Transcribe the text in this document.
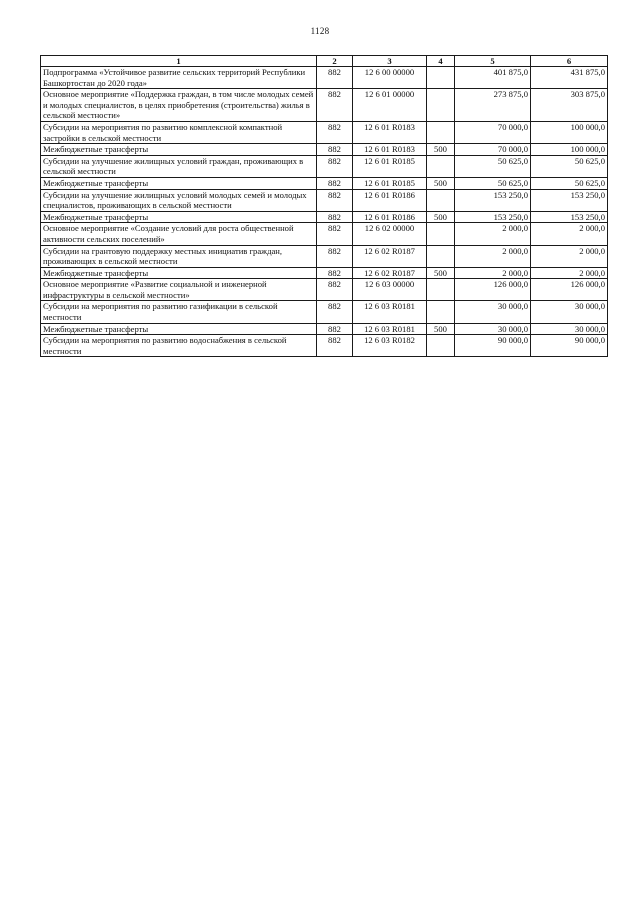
1128
1	2	3	4	5	6
Подпрограмма «Устойчивое развитие сельских территорий Республики Башкортостан до 2020 года»	882	12 6 00 00000		401 875,0	431 875,0
Основное мероприятие «Поддержка граждан, в том числе молодых семей и молодых специалистов, в целях приобретения (строительства) жилья в сельской местности»	882	12 6 01 00000		273 875,0	303 875,0
Субсидии на мероприятия по развитию комплексной компактной застройки в сельской местности	882	12 6 01 R0183		70 000,0	100 000,0
Межбюджетные трансферты	882	12 6 01 R0183	500	70 000,0	100 000,0
Субсидии на улучшение жилищных условий граждан, проживающих в сельской местности	882	12 6 01 R0185		50 625,0	50 625,0
Межбюджетные трансферты	882	12 6 01 R0185	500	50 625,0	50 625,0
Субсидии на улучшение жилищных условий молодых семей и молодых специалистов, проживающих в сельской местности	882	12 6 01 R0186		153 250,0	153 250,0
Межбюджетные трансферты	882	12 6 01 R0186	500	153 250,0	153 250,0
Основное мероприятие «Создание условий для роста общественной активности сельских поселений»	882	12 6 02 00000		2 000,0	2 000,0
Субсидии на грантовую поддержку местных инициатив граждан, проживающих в сельской местности	882	12 6 02 R0187		2 000,0	2 000,0
Межбюджетные трансферты	882	12 6 02 R0187	500	2 000,0	2 000,0
Основное мероприятие «Развитие социальной и инженерной инфраструктуры в сельской местности»	882	12 6 03 00000		126 000,0	126 000,0
Субсидии на мероприятия по развитию газификации в сельской местности	882	12 6 03 R0181		30 000,0	30 000,0
Межбюджетные трансферты	882	12 6 03 R0181	500	30 000,0	30 000,0
Субсидии на мероприятия по развитию водоснабжения в сельской местности	882	12 6 03 R0182		90 000,0	90 000,0
